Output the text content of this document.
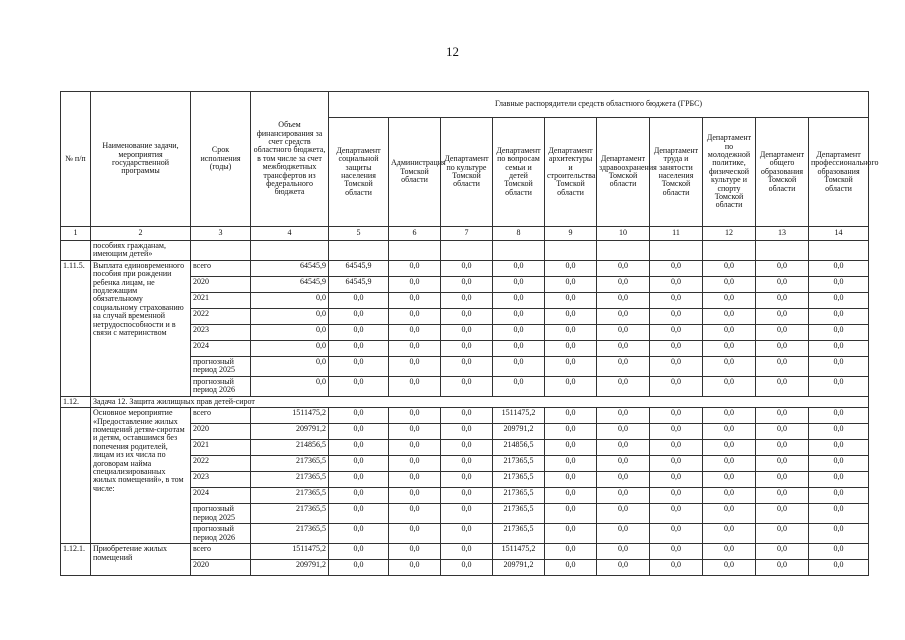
12
№ п/п	Наименование задачи, мероприятия государственной программы	Срок исполнения (годы)	Объем финансирования за счет средств областного бюджета, в том числе за счет межбюджетных трансфертов из федерального бюджета	Главные распорядители средств областного бюджета (ГРБС)									
				Департамент социальной защиты населения Томской области	Администрация Томской области	Департамент по культуре Томской области	Департамент по вопросам семьи и детей Томской области	Департамент архитектуры и строительства Томской области	Департамент здравоохранения Томской области	Департамент труда и занятости населения Томской области	Департамент по молодежной политике, физической культуре и спорту Томской области	Департамент общего образования Томской области	Департамент профессионального образования Томской области
1	2	3	4	5	6	7	8	9	10	11	12	13	14
	пособиях гражданам, имеющим детей»												
1.11.5.	Выплата единовременного пособия при рождении ребенка лицам, не подлежащим обязательному социальному страхованию на случай временной нетрудоспособности и в связи с материнством	всего	64545,9	64545,9	0,0	0,0	0,0	0,0	0,0	0,0	0,0	0,0	0,0
		2020	64545,9	64545,9	0,0	0,0	0,0	0,0	0,0	0,0	0,0	0,0	0,0
		2021	0,0	0,0	0,0	0,0	0,0	0,0	0,0	0,0	0,0	0,0	0,0
		2022	0,0	0,0	0,0	0,0	0,0	0,0	0,0	0,0	0,0	0,0	0,0
		2023	0,0	0,0	0,0	0,0	0,0	0,0	0,0	0,0	0,0	0,0	0,0
		2024	0,0	0,0	0,0	0,0	0,0	0,0	0,0	0,0	0,0	0,0	0,0
		прогнозный период 2025	0,0	0,0	0,0	0,0	0,0	0,0	0,0	0,0	0,0	0,0	0,0
		прогнозный период 2026	0,0	0,0	0,0	0,0	0,0	0,0	0,0	0,0	0,0	0,0	0,0
1.12.	Задача 12. Защита жилищных прав детей-сирот												
	Основное мероприятие «Предоставление жилых помещений детям-сиротам и детям, оставшимся без попечения родителей, лицам из их числа по договорам найма специализированных жилых помещений», в том числе:	всего	1511475,2	0,0	0,0	0,0	1511475,2	0,0	0,0	0,0	0,0	0,0	0,0
		2020	209791,2	0,0	0,0	0,0	209791,2	0,0	0,0	0,0	0,0	0,0	0,0
		2021	214856,5	0,0	0,0	0,0	214856,5	0,0	0,0	0,0	0,0	0,0	0,0
		2022	217365,5	0,0	0,0	0,0	217365,5	0,0	0,0	0,0	0,0	0,0	0,0
		2023	217365,5	0,0	0,0	0,0	217365,5	0,0	0,0	0,0	0,0	0,0	0,0
		2024	217365,5	0,0	0,0	0,0	217365,5	0,0	0,0	0,0	0,0	0,0	0,0
		прогнозный период 2025	217365,5	0,0	0,0	0,0	217365,5	0,0	0,0	0,0	0,0	0,0	0,0
		прогнозный период 2026	217365,5	0,0	0,0	0,0	217365,5	0,0	0,0	0,0	0,0	0,0	0,0
1.12.1.	Приобретение жилых помещений	всего	1511475,2	0,0	0,0	0,0	1511475,2	0,0	0,0	0,0	0,0	0,0	0,0
		2020	209791,2	0,0	0,0	0,0	209791,2	0,0	0,0	0,0	0,0	0,0	0,0
